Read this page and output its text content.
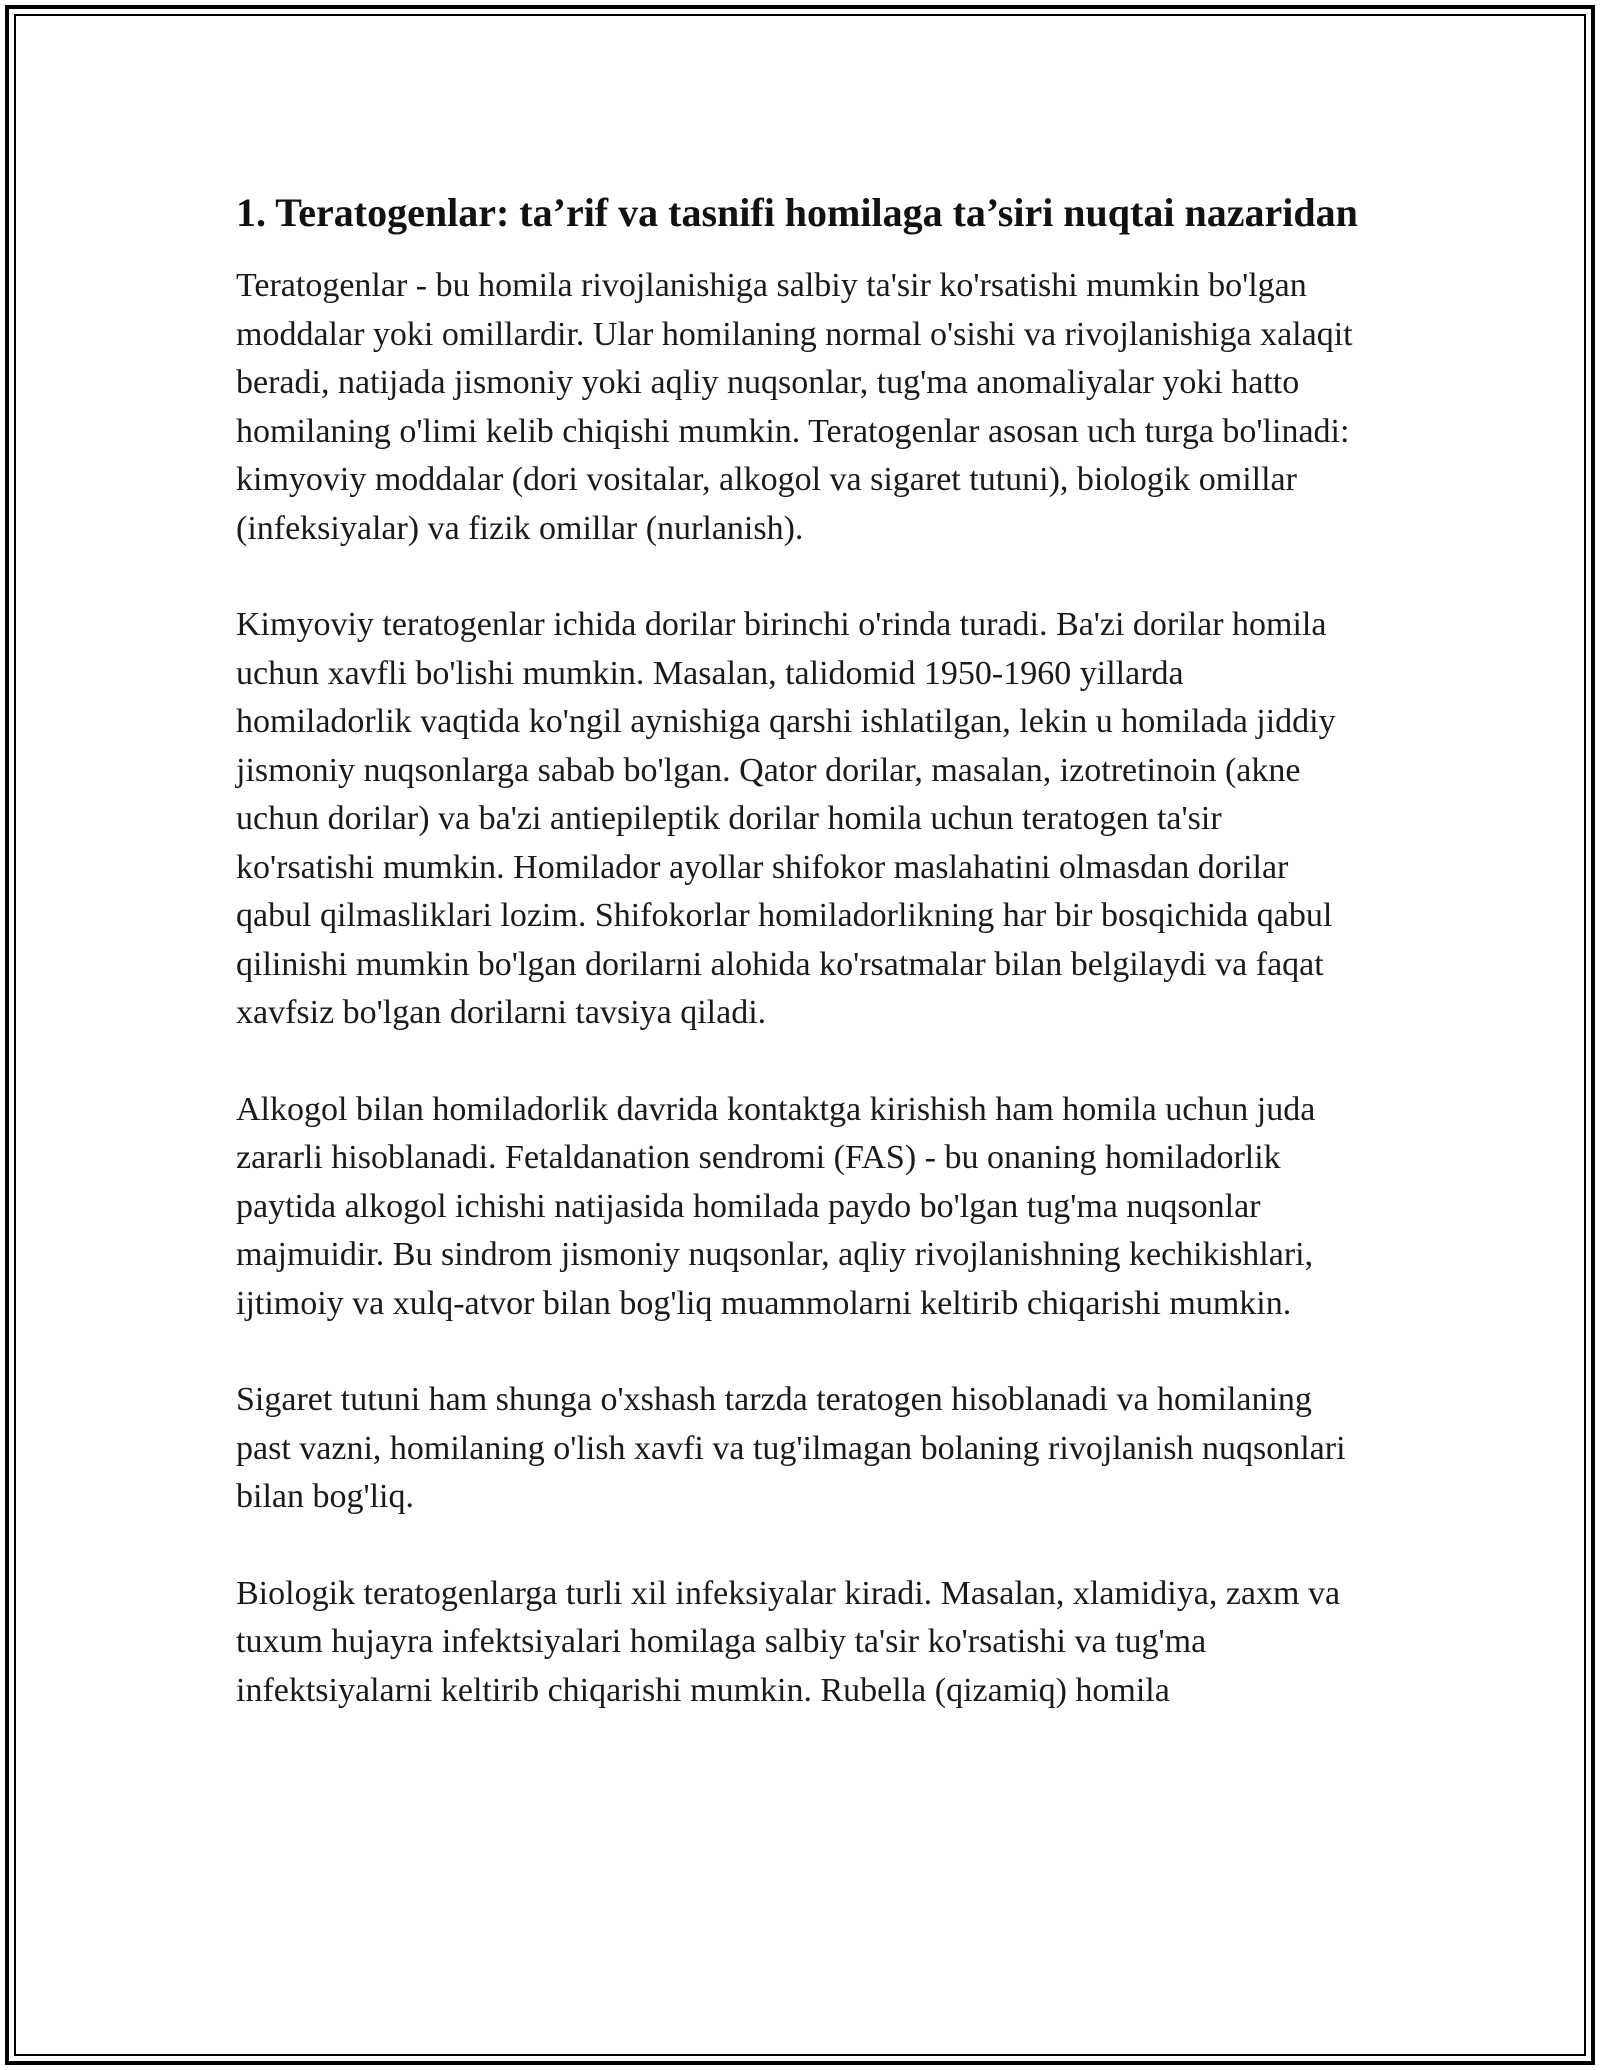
1. Teratogenlar: ta’rif va tasnifi homilaga ta’siri nuqtai nazaridan

Teratogenlar - bu homila rivojlanishiga salbiy ta'sir ko'rsatishi mumkin bo'lgan moddalar yoki omillardir. Ular homilaning normal o'sishi va rivojlanishiga xalaqit beradi, natijada jismoniy yoki aqliy nuqsonlar, tug'ma anomaliyalar yoki hatto homilaning o'limi kelib chiqishi mumkin. Teratogenlar asosan uch turga bo'linadi: kimyoviy moddalar (dori vositalar, alkogol va sigaret tutuni), biologik omillar (infeksiyalar) va fizik omillar (nurlanish).

Kimyoviy teratogenlar ichida dorilar birinchi o'rinda turadi. Ba'zi dorilar homila uchun xavfli bo'lishi mumkin. Masalan, talidomid 1950-1960 yillarda homiladorlik vaqtida ko'ngil aynishiga qarshi ishlatilgan, lekin u homilada jiddiy jismoniy nuqsonlarga sabab bo'lgan. Qator dorilar, masalan, izotretinoin (akne uchun dorilar) va ba'zi antiepileptik dorilar homila uchun teratogen ta'sir ko'rsatishi mumkin. Homilador ayollar shifokor maslahatini olmasdan dorilar qabul qilmasliklari lozim. Shifokorlar homiladorlikning har bir bosqichida qabul qilinishi mumkin bo'lgan dorilarni alohida ko'rsatmalar bilan belgilaydi va faqat xavfsiz bo'lgan dorilarni tavsiya qiladi.

Alkogol bilan homiladorlik davrida kontaktga kirishish ham homila uchun juda zararli hisoblanadi. Fetaldanation sendromi (FAS) - bu onaning homiladorlik paytida alkogol ichishi natijasida homilada paydo bo'lgan tug'ma nuqsonlar majmuidir. Bu sindrom jismoniy nuqsonlar, aqliy rivojlanishning kechikishlari, ijtimoiy va xulq-atvor bilan bog'liq muammolarni keltirib chiqarishi mumkin.

Sigaret tutuni ham shunga o'xshash tarzda teratogen hisoblanadi va homilaning past vazni, homilaning o'lish xavfi va tug'ilmagan bolaning rivojlanish nuqsonlari bilan bog'liq.

Biologik teratogenlarga turli xil infeksiyalar kiradi. Masalan, xlamidiya, zaxm va tuxum hujayra infektsiyalari homilaga salbiy ta'sir ko'rsatishi va tug'ma infektsiyalarni keltirib chiqarishi mumkin. Rubella (qizamiq) homila
